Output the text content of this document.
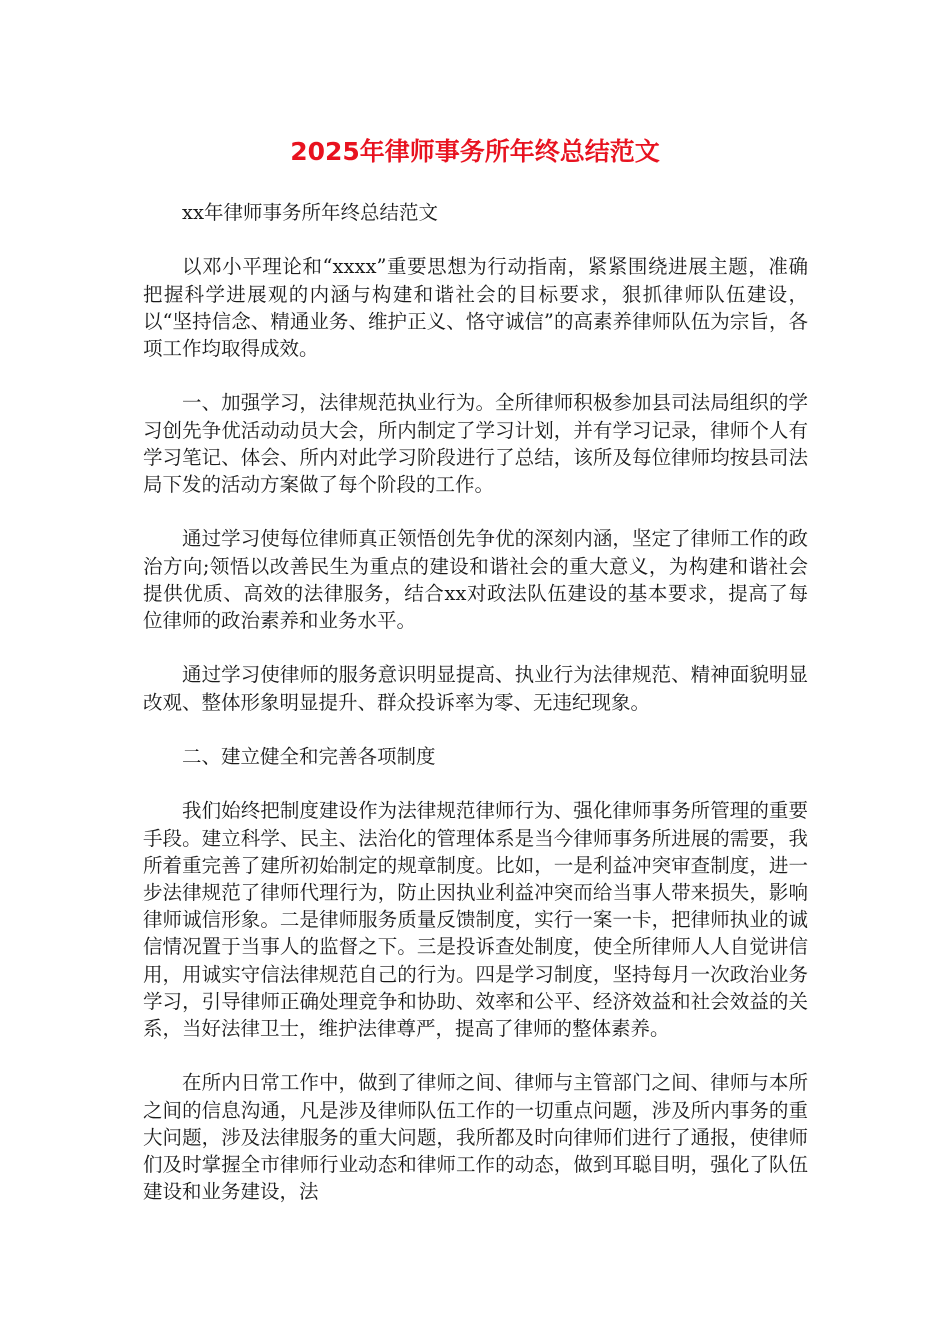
2025年律师事务所年终总结范文

xx年律师事务所年终总结范文

以邓小平理论和“xxxx”重要思想为行动指南，紧紧围绕进展主题，准确把握科学进展观的内涵与构建和谐社会的目标要求，狠抓律师队伍建设，以“坚持信念、精通业务、维护正义、恪守诚信”的高素养律师队伍为宗旨，各项工作均取得成效。

一、加强学习，法律规范执业行为。全所律师积极参加县司法局组织的学习创先争优活动动员大会，所内制定了学习计划，并有学习记录，律师个人有学习笔记、体会、所内对此学习阶段进行了总结，该所及每位律师均按县司法局下发的活动方案做了每个阶段的工作。

通过学习使每位律师真正领悟创先争优的深刻内涵，坚定了律师工作的政治方向;领悟以改善民生为重点的建设和谐社会的重大意义，为构建和谐社会提供优质、高效的法律服务，结合xx对政法队伍建设的基本要求，提高了每位律师的政治素养和业务水平。

通过学习使律师的服务意识明显提高、执业行为法律规范、精神面貌明显改观、整体形象明显提升、群众投诉率为零、无违纪现象。

二、建立健全和完善各项制度

我们始终把制度建设作为法律规范律师行为、强化律师事务所管理的重要手段。建立科学、民主、法治化的管理体系是当今律师事务所进展的需要，我所着重完善了建所初始制定的规章制度。比如，一是利益冲突审查制度，进一步法律规范了律师代理行为，防止因执业利益冲突而给当事人带来损失，影响律师诚信形象。二是律师服务质量反馈制度，实行一案一卡，把律师执业的诚信情况置于当事人的监督之下。三是投诉查处制度，使全所律师人人自觉讲信用，用诚实守信法律规范自己的行为。四是学习制度，坚持每月一次政治业务学习，引导律师正确处理竞争和协助、效率和公平、经济效益和社会效益的关系，当好法律卫士，维护法律尊严，提高了律师的整体素养。

在所内日常工作中，做到了律师之间、律师与主管部门之间、律师与本所之间的信息沟通，凡是涉及律师队伍工作的一切重点问题，涉及所内事务的重大问题，涉及法律服务的重大问题，我所都及时向律师们进行了通报，使律师们及时掌握全市律师行业动态和律师工作的动态，做到耳聪目明，强化了队伍建设和业务建设，法
